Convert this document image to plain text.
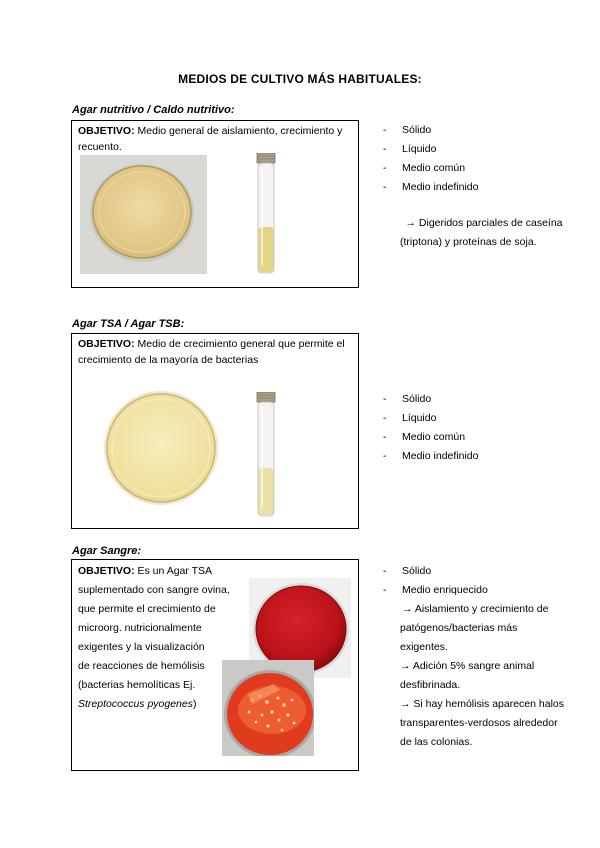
MEDIOS DE CULTIVO MÁS HABITUALES:
Agar nutritivo / Caldo nutritivo:
OBJETIVO: Medio general de aislamiento, crecimiento y recuento.
- Sólido
- Líquido
- Medio común
- Medio indefinido
→ Digeridos parciales de caseína
(triptona) y proteínas de soja.
Agar TSA / Agar TSB:
OBJETIVO: Medio de crecimiento general que permite el crecimiento de la mayoría de bacterias
- Sólido
- Líquido
- Medio común
- Medio indefinido
Agar Sangre:
OBJETIVO: Es un Agar TSA
suplementado con sangre ovina,
que permite el crecimiento de
microorg. nutricionalmente
exigentes y la visualización
de reacciones de hemólisis
(bacterias hemolíticas Ej.
Streptococcus pyogenes)
- Sólido
- Medio enriquecido
→ Aislamiento y crecimiento de
patógenos/bacterias más
exigentes.
→ Adición 5% sangre animal
desfibrinada.
→ Si hay hemólisis aparecen halos
transparentes-verdosos alrededor
de las colonias.
